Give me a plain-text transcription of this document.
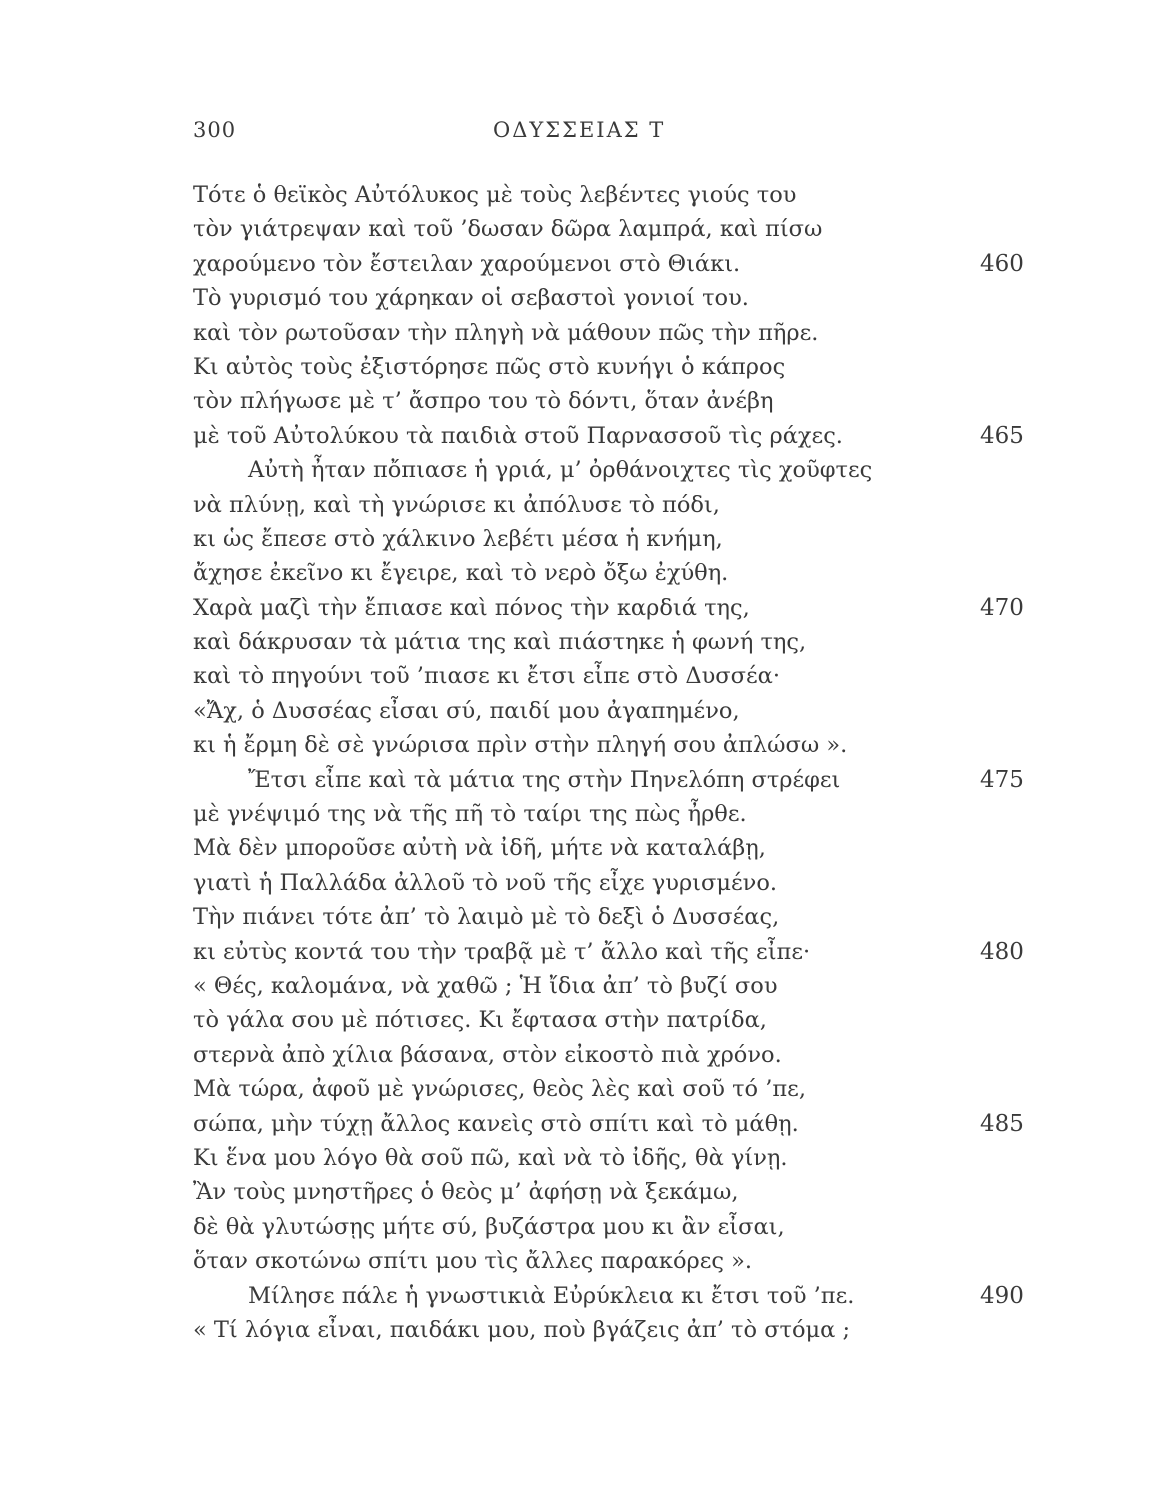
300	ΟΔΥΣΣΕΙΑΣ Τ
Τότε ὁ θεϊκὸς Αὐτόλυκος μὲ τοὺς λεβέντες γιούς του
τὸν γιάτρεψαν καὶ τοῦ ’δωσαν δῶρα λαμπρά, καὶ πίσω
χαρούμενο τὸν ἔστειλαν χαρούμενοι στὸ Θιάκι.	460
Τὸ γυρισμό του χάρηκαν οἱ σεβαστοὶ γονιοί του.
καὶ τὸν ρωτοῦσαν τὴν πληγὴ νὰ μάθουν πῶς τὴν πῆρε.
Κι αὐτὸς τοὺς ἐξιστόρησε πῶς στὸ κυνήγι ὁ κάπρος
τὸν πλήγωσε μὲ τ’ ἄσπρο του τὸ δόντι, ὅταν ἀνέβη
μὲ τοῦ Αὐτολύκου τὰ παιδιὰ στοῦ Παρνασσοῦ τὶς ράχες.	465
Αὐτὴ ἦταν πὄπιασε ἡ γριά, μ’ ὀρθάνοιχτες τὶς χοῦφτες
νὰ πλύνῃ, καὶ τὴ γνώρισε κι ἀπόλυσε τὸ πόδι,
κι ὡς ἔπεσε στὸ χάλκινο λεβέτι μέσα ἡ κνήμη,
ἄχησε ἐκεῖνο κι ἔγειρε, καὶ τὸ νερὸ ὄξω ἐχύθη.
Χαρὰ μαζὶ τὴν ἔπιασε καὶ πόνος τὴν καρδιά της,	470
καὶ δάκρυσαν τὰ μάτια της καὶ πιάστηκε ἡ φωνή της,
καὶ τὸ πηγούνι τοῦ ’πιασε κι ἔτσι εἶπε στὸ Δυσσέα·
«Ἄχ, ὁ Δυσσέας εἶσαι σύ, παιδί μου ἀγαπημένο,
κι ἡ ἔρμη δὲ σὲ γνώρισα πρὶν στὴν πληγή σου ἀπλώσω ».
Ἔτσι εἶπε καὶ τὰ μάτια της στὴν Πηνελόπη στρέφει	475
μὲ γνέψιμό της νὰ τῆς πῆ τὸ ταίρι της πὼς ἦρθε.
Μὰ δὲν μποροῦσε αὐτὴ νὰ ἰδῆ, μήτε νὰ καταλάβῃ,
γιατὶ ἡ Παλλάδα ἀλλοῦ τὸ νοῦ τῆς εἶχε γυρισμένο.
Τὴν πιάνει τότε ἀπ’ τὸ λαιμὸ μὲ τὸ δεξὶ ὁ Δυσσέας,
κι εὐτὺς κοντά του τὴν τραβᾷ μὲ τ’ ἄλλο καὶ τῆς εἶπε·	480
« Θές, καλομάνα, νὰ χαθῶ ; Ἡ ἴδια ἀπ’ τὸ βυζί σου
τὸ γάλα σου μὲ πότισες. Κι ἔφτασα στὴν πατρίδα,
στερνὰ ἀπὸ χίλια βάσανα, στὸν εἰκοστὸ πιὰ χρόνο.
Μὰ τώρα, ἀφοῦ μὲ γνώρισες, θεὸς λὲς καὶ σοῦ τό ’πε,
σώπα, μὴν τύχῃ ἄλλος κανεὶς στὸ σπίτι καὶ τὸ μάθῃ.	485
Κι ἕνα μου λόγο θὰ σοῦ πῶ, καὶ νὰ τὸ ἰδῆς, θὰ γίνῃ.
Ἂν τοὺς μνηστῆρες ὁ θεὸς μ’ ἀφήσῃ νὰ ξεκάμω,
δὲ θὰ γλυτώσῃς μήτε σύ, βυζάστρα μου κι ἂν εἶσαι,
ὅταν σκοτώνω σπίτι μου τὶς ἄλλες παρακόρες ».
Μίλησε πάλε ἡ γνωστικιὰ Εὐρύκλεια κι ἔτσι τοῦ ’πε.	490
« Τί λόγια εἶναι, παιδάκι μου, ποὺ βγάζεις ἀπ’ τὸ στόμα ;
